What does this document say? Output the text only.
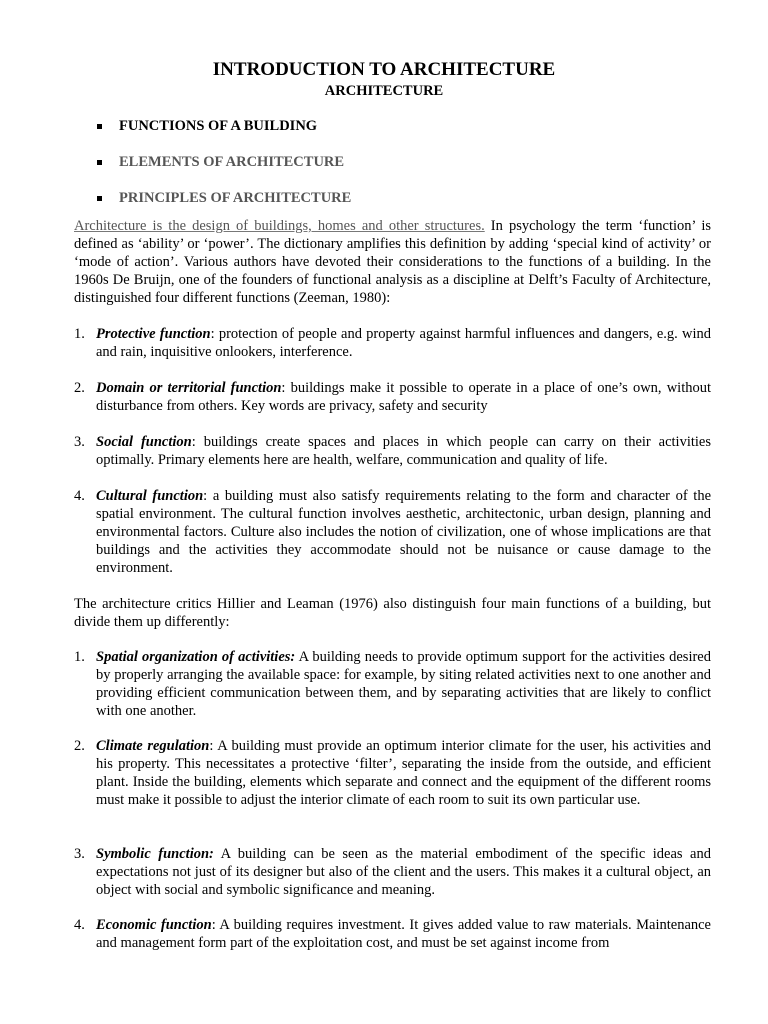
INTRODUCTION TO ARCHITECTURE
ARCHITECTURE
FUNCTIONS OF A BUILDING
ELEMENTS OF ARCHITECTURE
PRINCIPLES OF ARCHITECTURE

Architecture is the design of buildings, homes and other structures. In psychology the term ‘function’ is defined as ‘ability’ or ‘power’. The dictionary amplifies this definition by adding ‘special kind of activity’ or ‘mode of action’. Various authors have devoted their considerations to the functions of a building. In the 1960s De Bruijn, one of the founders of functional analysis as a discipline at Delft’s Faculty of Architecture, distinguished four different functions (Zeeman, 1980):

1. Protective function: protection of people and property against harmful influences and dangers, e.g. wind and rain, inquisitive onlookers, interference.
2. Domain or territorial function: buildings make it possible to operate in a place of one’s own, without disturbance from others. Key words are privacy, safety and security
3. Social function: buildings create spaces and places in which people can carry on their activities optimally. Primary elements here are health, welfare, communication and quality of life.
4. Cultural function: a building must also satisfy requirements relating to the form and character of the spatial environment. The cultural function involves aesthetic, architectonic, urban design, planning and environmental factors. Culture also includes the notion of civilization, one of whose implications are that buildings and the activities they accommodate should not be nuisance or cause damage to the environment.

The architecture critics Hillier and Leaman (1976) also distinguish four main functions of a building, but divide them up differently:

1. Spatial organization of activities: A building needs to provide optimum support for the activities desired by properly arranging the available space: for example, by siting related activities next to one another and providing efficient communication between them, and by separating activities that are likely to conflict with one another.
2. Climate regulation: A building must provide an optimum interior climate for the user, his activities and his property. This necessitates a protective ‘filter’, separating the inside from the outside, and efficient plant. Inside the building, elements which separate and connect and the equipment of the different rooms must make it possible to adjust the interior climate of each room to suit its own particular use.
3. Symbolic function: A building can be seen as the material embodiment of the specific ideas and expectations not just of its designer but also of the client and the users. This makes it a cultural object, an object with social and symbolic significance and meaning.
4. Economic function: A building requires investment. It gives added value to raw materials. Maintenance and management form part of the exploitation cost, and must be set against income from
